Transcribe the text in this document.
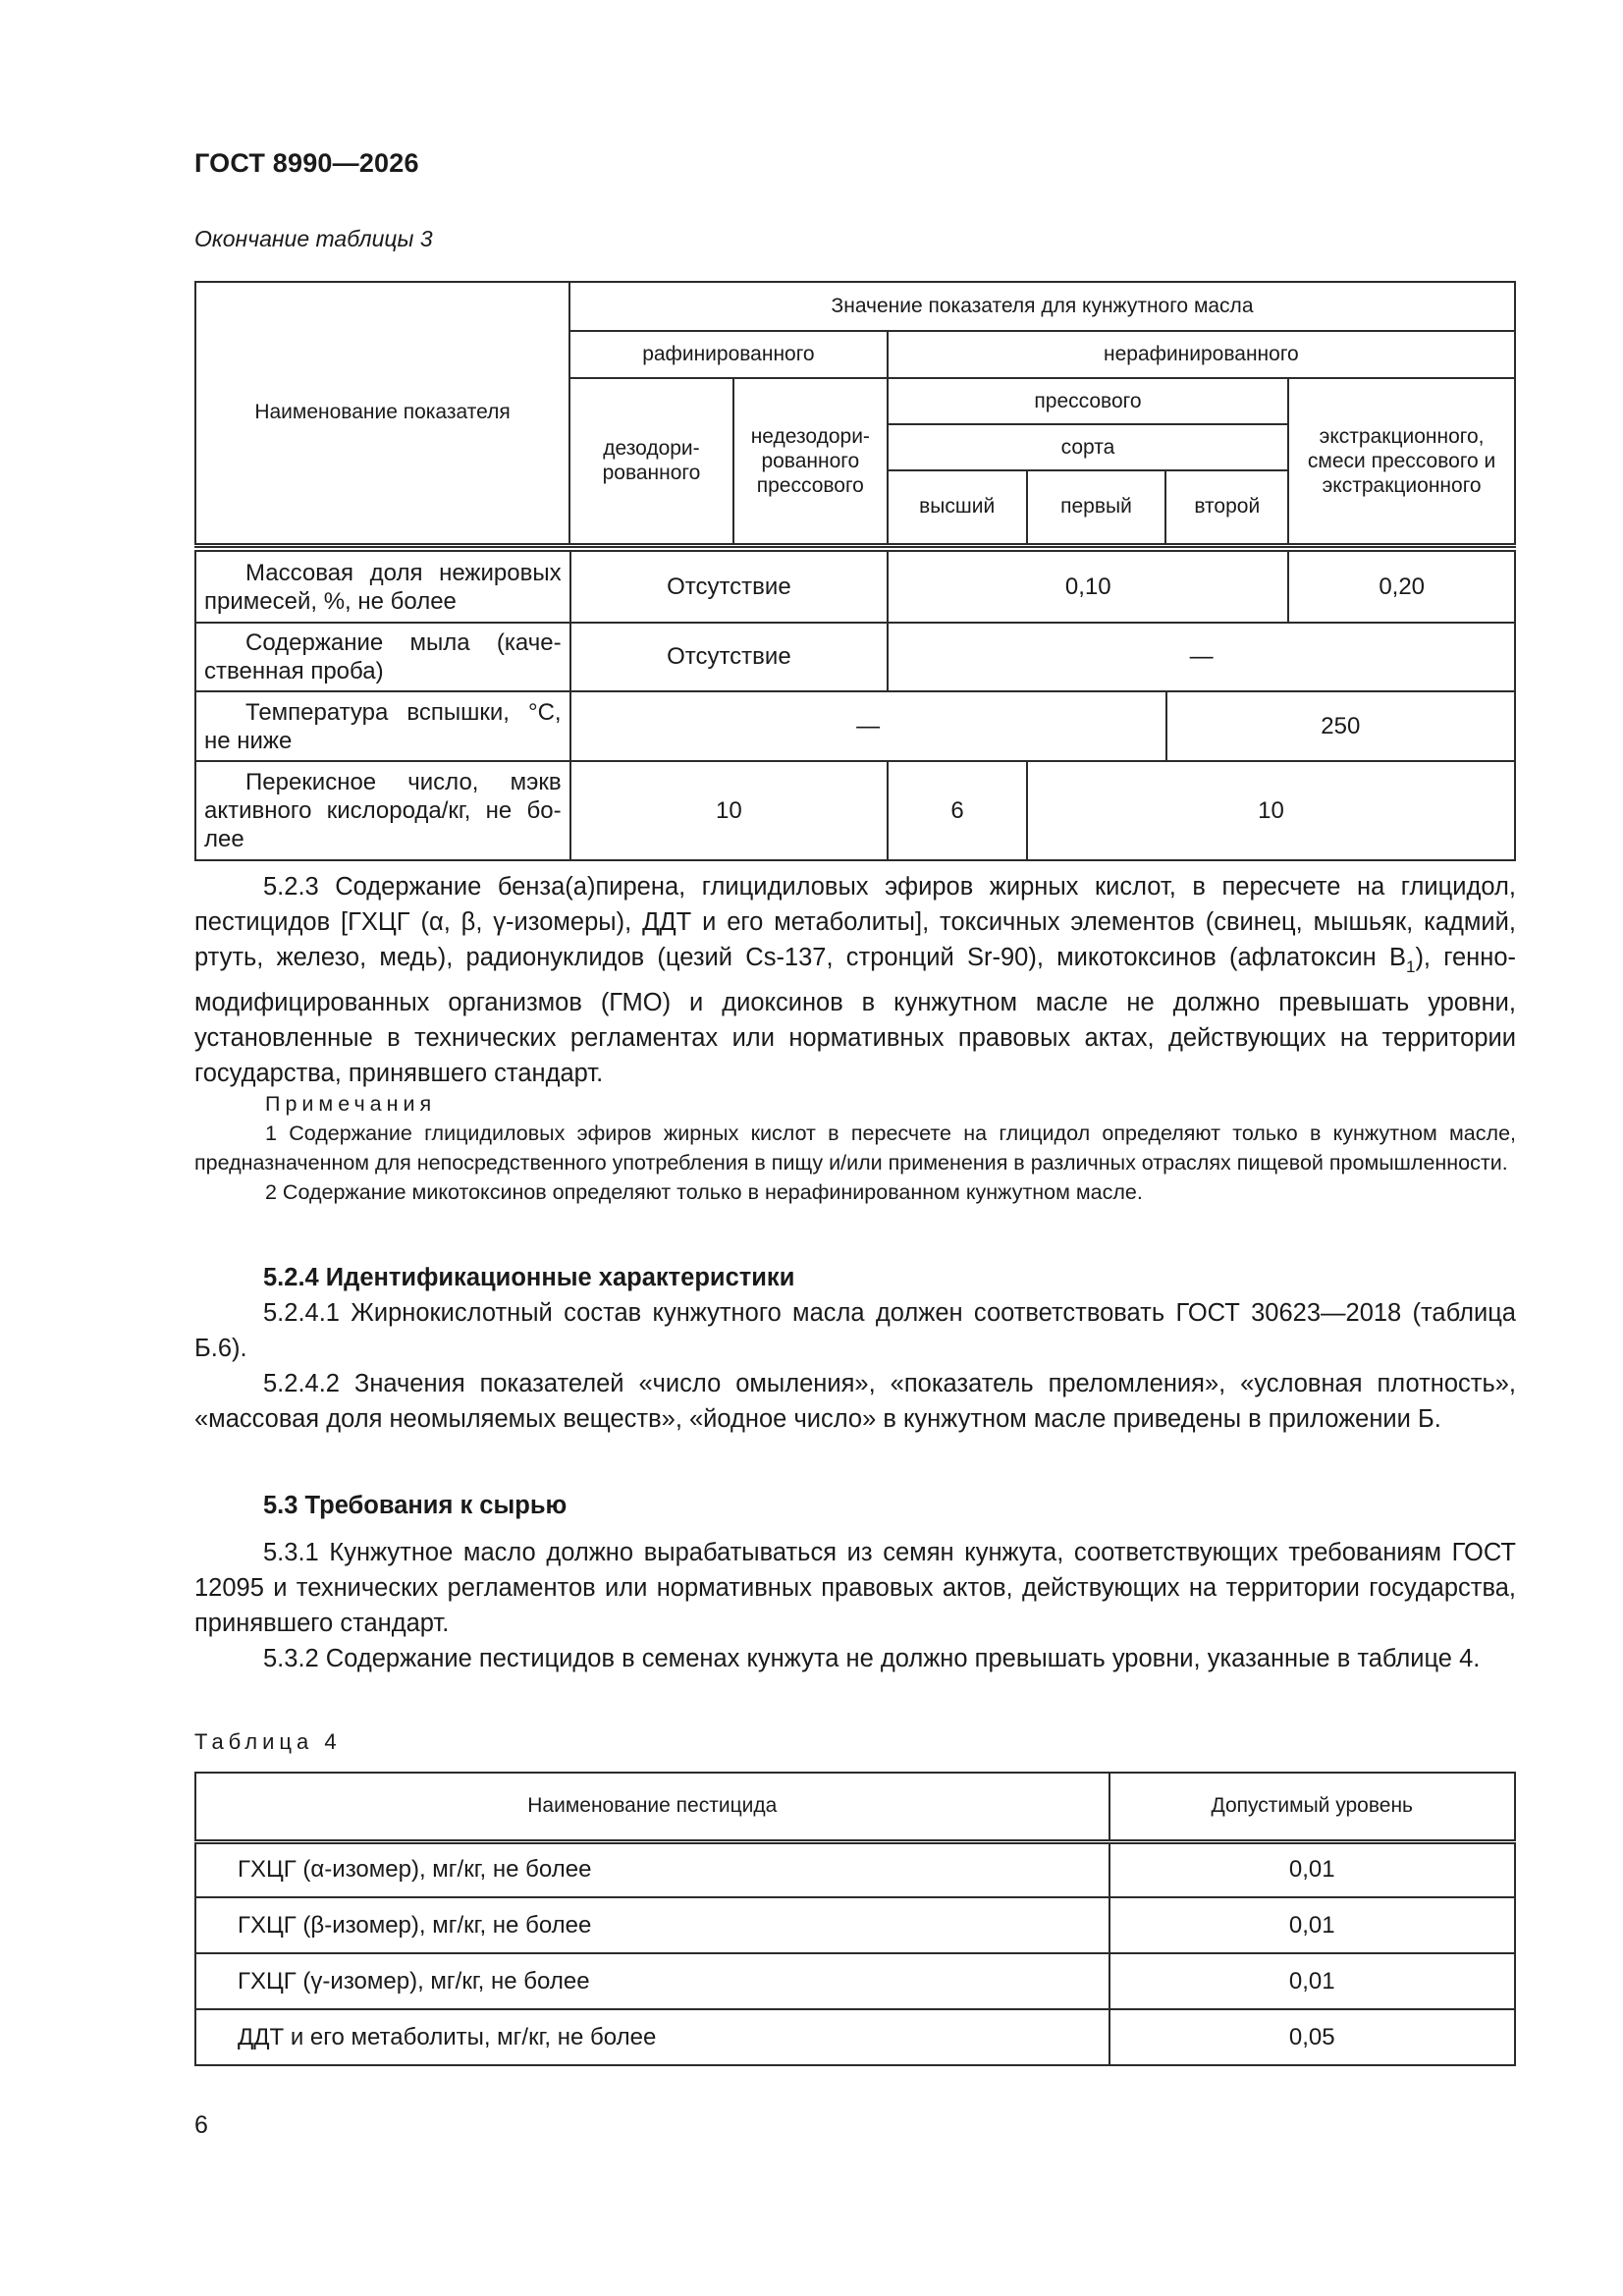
ГОСТ 8990—2026
Окончание таблицы 3
Наименование показателя	Значение показателя для кунжутного масла					
	рафинированного		нерафинированного			
	дезодори- рованного	недезодори- рованного прессового	прессового			экстракционного, смеси прессового и экстракционного
			сорта			
			высший	первый	второй	
Массовая доля нежировых
примесей, %, не более	Отсутствие	0,10			0,20

Содержание мыла (каче-
ственная проба)	Отсутствие	—			

Температура вспышки, °С,
не ниже	—			250	

Перекисное число, мэкв
активного кислорода/кг, не бо-
лее	10	6	10		

5.2.3 Содержание бенза(а)пирена, глицидиловых эфиров жирных кислот, в пересчете на глицидол, пестицидов [ГХЦГ (α, β, γ-изомеры), ДДТ и его метаболиты], токсичных элементов (свинец, мышьяк, кадмий, ртуть, железо, медь), радионуклидов (цезий Cs-137, стронций Sr-90), микотоксинов (афлатоксин $В_1$), генно-модифицированных организмов (ГМО) и диоксинов в кунжутном масле не должно превышать уровни, установленные в технических регламентах или нормативных правовых актах, действующих на территории государства, принявшего стандарт.

Примечания

1 Содержание глицидиловых эфиров жирных кислот в пересчете на глицидол определяют только в кунжутном масле, предназначенном для непосредственного употребления в пищу и/или применения в различных отраслях пищевой промышленности.

2 Содержание микотоксинов определяют только в нерафинированном кунжутном масле.

5.2.4 Идентификационные характеристики

5.2.4.1 Жирнокислотный состав кунжутного масла должен соответствовать ГОСТ 30623—2018 (таблица Б.6).

5.2.4.2 Значения показателей «число омыления», «показатель преломления», «условная плотность», «массовая доля неомыляемых веществ», «йодное число» в кунжутном масле приведены в приложении Б.

5.3 Требования к сырью

5.3.1 Кунжутное масло должно вырабатываться из семян кунжута, соответствующих требованиям ГОСТ 12095 и технических регламентов или нормативных правовых актов, действующих на территории государства, принявшего стандарт.

5.3.2 Содержание пестицидов в семенах кунжута не должно превышать уровни, указанные в таблице 4.

Таблица 4
Наименование пестицида	Допустимый уровень
ГХЦГ (α-изомер), мг/кг, не более	0,01
ГХЦГ (β-изомер), мг/кг, не более	0,01
ГХЦГ (γ-изомер), мг/кг, не более	0,01
ДДТ и его метаболиты, мг/кг, не более	0,05
6
